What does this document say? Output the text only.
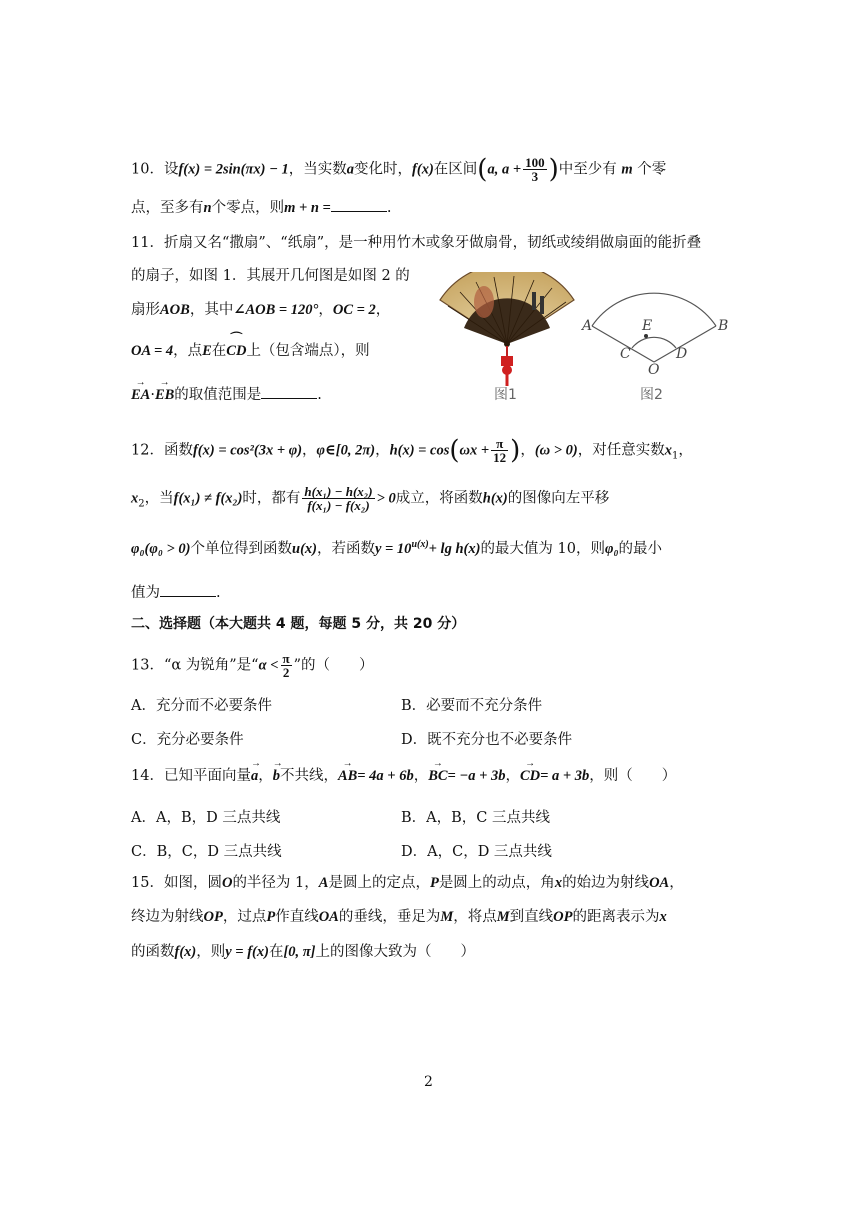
10．设f(x) = 2sin(πx) − 1，当实数a变化时，f(x)在区间(a, $a + \frac{100}{3}$ )中至少有 m 个零
点，至多有n个零点，则m + n =	.
11．折扇又名“撒扇”、“纸扇”，是一种用竹木或象牙做扇骨，韧纸或绫绢做扇面的能折叠
的扇子，如图 1．其展开几何图是如图 2 的
扇形AOB，其中∠AOB = 120°，OC = 2，
OA = 4，点E在⌒ CD上（包含端点），则
→ EA·→ EB的取值范围是	.	图1
A	B
E
C	D
O
图2
12．函数f(x) = cos²(3x + φ)，φ∈[0, 2π)，$h(x) = \cos(\omega x + \frac{\pi}{12}$ )，(ω > 0)，对任意实数$x_1$，
$x_2$，当f(x₁) ≠ f(x₂)时，都有 $\frac{\text{h(x₁) − h(x₂)}}{\text{f(x₁) − f(x₂)}} > 0$成立，将函数h(x)的图像向左平移
φ₀(φ₀ > 0)个单位得到函数u(x)，若函数$y = 10^{u(x)}+ \lg h(x)$的最大值为 10，则φ₀的最小
值为	.
二、选择题（本大题共 4 题，每题 5 分，共 20 分）
13．“α 为锐角”是“$\alpha < \frac{\pi}{2}$ ”的（　　）
A．充分而不必要条件	B．必要而不充分条件
C．充分必要条件	D．既不充分也不必要条件
14．已知平面向量→ a，→ b不共线，→ AB= 4a + 6b，→ BC= −a + 3b，→ CD= a + 3b，则（　　）
A．A，B，D 三点共线	B．A，B，C 三点共线
C．B，C，D 三点共线	D．A，C，D 三点共线
15．如图，圆O的半径为 1，A是圆上的定点，P是圆上的动点，角x的始边为射线OA，
终边为射线OP，过点P作直线OA的垂线，垂足为M，将点M到直线OP的距离表示为x
的函数f(x)，则y = f(x)在[0, π]上的图像大致为（　　）
2
